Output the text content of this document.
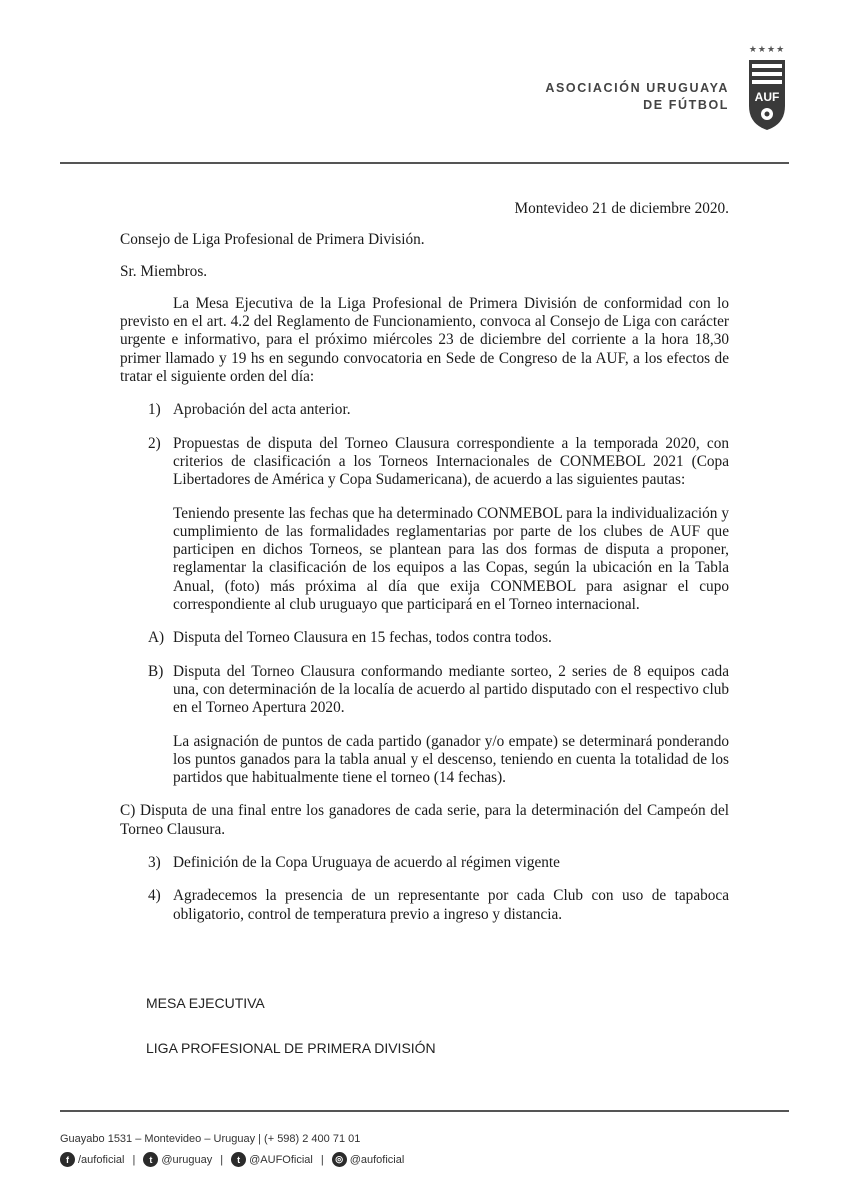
ASOCIACIÓN URUGUAYA
DE FÚTBOL
★★★★
AUF
Montevideo 21 de diciembre 2020.
Consejo de Liga Profesional de Primera División.
Sr. Miembros.

La Mesa Ejecutiva de la Liga Profesional de Primera División de conformidad con lo previsto en el art. 4.2 del Reglamento de Funcionamiento, convoca al Consejo de Liga con carácter urgente e informativo, para el próximo miércoles 23 de diciembre del corriente a la hora 18,30 primer llamado y 19 hs en segundo convocatoria en Sede de Congreso de la AUF, a los efectos de tratar el siguiente orden del día:

1) Aprobación del acta anterior.

2) Propuestas de disputa del Torneo Clausura correspondiente a la temporada 2020, con criterios de clasificación a los Torneos Internacionales de CONMEBOL 2021 (Copa Libertadores de América y Copa Sudamericana), de acuerdo a las siguientes pautas:

Teniendo presente las fechas que ha determinado CONMEBOL para la individualización y cumplimiento de las formalidades reglamentarias por parte de los clubes de AUF que participen en dichos Torneos, se plantean para las dos formas de disputa a proponer, reglamentar la clasificación de los equipos a las Copas, según la ubicación en la Tabla Anual, (foto) más próxima al día que exija CONMEBOL para asignar el cupo correspondiente al club uruguayo que participará en el Torneo internacional.

A) Disputa del Torneo Clausura en 15 fechas, todos contra todos.

B) Disputa del Torneo Clausura conformando mediante sorteo, 2 series de 8 equipos cada una, con determinación de la localía de acuerdo al partido disputado con el respectivo club en el Torneo Apertura 2020.

La asignación de puntos de cada partido (ganador y/o empate) se determinará ponderando los puntos ganados para la tabla anual y el descenso, teniendo en cuenta la totalidad de los partidos que habitualmente tiene el torneo (14 fechas).

C) Disputa de una final entre los ganadores de cada serie, para la determinación del Campeón del Torneo Clausura.

3) Definición de la Copa Uruguaya de acuerdo al régimen vigente

4) Agradecemos la presencia de un representante por cada Club con uso de tapaboca obligatorio, control de temperatura previo a ingreso y distancia.

MESA EJECUTIVA
LIGA PROFESIONAL DE PRIMERA DIVISIÓN
Guayabo 1531 – Montevideo – Uruguay | (+ 598) 2 400 71 01
f /aufoficial |	t @uruguay |	t @AUFOficial |	◎ @aufoficial
